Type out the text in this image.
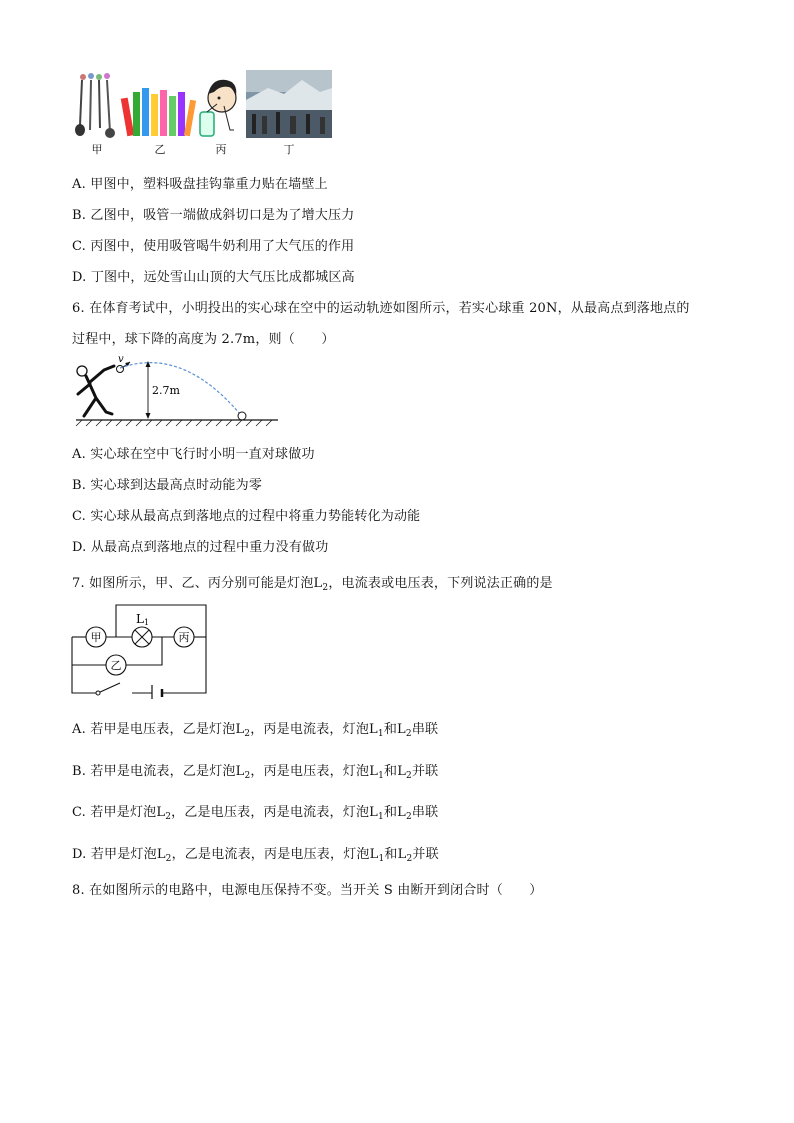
甲	乙	丙	丁
A. 甲图中，塑料吸盘挂钩靠重力贴在墙壁上
B. 乙图中，吸管一端做成斜切口是为了增大压力
C. 丙图中，使用吸管喝牛奶利用了大气压的作用
D. 丁图中，远处雪山山顶的大气压比成都城区高
6. 在体育考试中，小明投出的实心球在空中的运动轨迹如图所示，若实心球重 20N，从最高点到落地点的
过程中，球下降的高度为 2.7m，则（　　）
v
2.7m
A. 实心球在空中飞行时小明一直对球做功
B. 实心球到达最高点时动能为零
C. 实心球从最高点到落地点的过程中将重力势能转化为动能
D. 从最高点到落地点的过程中重力没有做功
7. 如图所示，甲、乙、丙分别可能是灯泡$L_2$，电流表或电压表，下列说法正确的是
甲
L 1
丙
乙
A. 若甲是电压表，乙是灯泡$L_2$，丙是电流表，灯泡$L_1$和$L_2$串联
B. 若甲是电流表，乙是灯泡$L_2$，丙是电压表，灯泡$L_1$和$L_2$并联
C. 若甲是灯泡$L_2$，乙是电压表，丙是电流表，灯泡$L_1$和$L_2$串联
D. 若甲是灯泡$L_2$，乙是电流表，丙是电压表，灯泡$L_1$和$L_2$并联
8. 在如图所示的电路中，电源电压保持不变。当开关 S 由断开到闭合时（　　）
